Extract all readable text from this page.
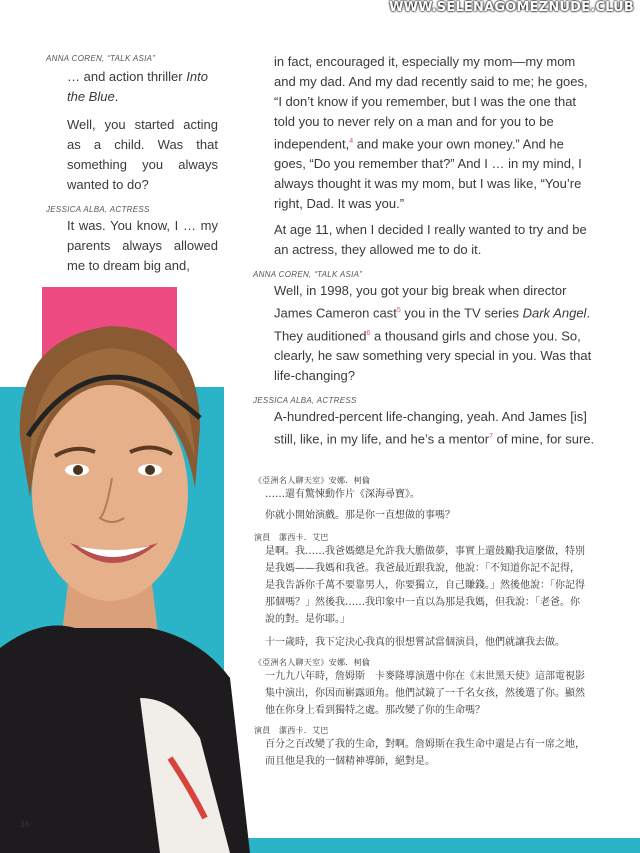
WWW.SELENAGOMEZNUDE.CLUB
38
ANNA COREN, “TALK ASIA”

… and action thriller Into

the Blue.

Well, you started acting

as a child. Was that

something you always

wanted to do?

JESSICA ALBA, ACTRESS

It was. You know, I … my

parents always allowed

me to dream big and,

in fact, encouraged it, especially my mom—my mom

and my dad. And my dad recently said to me; he goes,

“I don’t know if you remember, but I was the one that

told you to never rely on a man and for you to be

independent,$^4$ and make your own money.” And he

goes, “Do you remember that?” And I … in my mind, I

always thought it was my mom, but I was like, “You’re

right, Dad. It was you.”

At age 11, when I decided I really wanted to try and be

an actress, they allowed me to do it.

ANNA COREN, “TALK ASIA”

Well, in 1998, you got your big break when director

James Cameron cast$^5$ you in the TV series Dark Angel.

They auditioned$^6$ a thousand girls and chose you. So,

clearly, he saw something very special in you. Was that

life-changing?

JESSICA ALBA, ACTRESS

A-hundred-percent life-changing, yeah. And James [is]

still, like, in my life, and he’s a mentor$^7$ of mine, for sure.

《亞洲名人聊天室》安娜．柯倫

……還有驚悚動作片《深海尋寶》。

你就小開始演戲。那是你一直想做的事嗎？

演員　潔西卡．艾巴

是啊。我……我爸媽總是允許我大膽做夢，事實上還鼓勵我這麼做，特別

是我媽——我媽和我爸。我爸最近跟我說，他說：「不知道你記不記得，

是我告訴你千萬不要靠男人，你要獨立，自己賺錢。」然後他說：「你記得

那個嗎？」然後我……我印象中一直以為那是我媽，但我說：「老爸。你

說的對。是你耶。」

十一歲時，我下定決心我真的很想嘗試當個演員，他們就讓我去做。

《亞洲名人聊天室》安娜．柯倫

一九九八年時，詹姆斯　卡麥隆導演選中你在《末世黑天使》這部電視影

集中演出，你因而嶄露頭角。他們試鏡了一千名女孩，然後選了你。顯然

他在你身上看到獨特之處。那改變了你的生命嗎？

演員　潔西卡．艾巴

百分之百改變了我的生命，對啊。詹姆斯在我生命中還是占有一席之地，

而且他是我的一個精神導師，絕對是。
